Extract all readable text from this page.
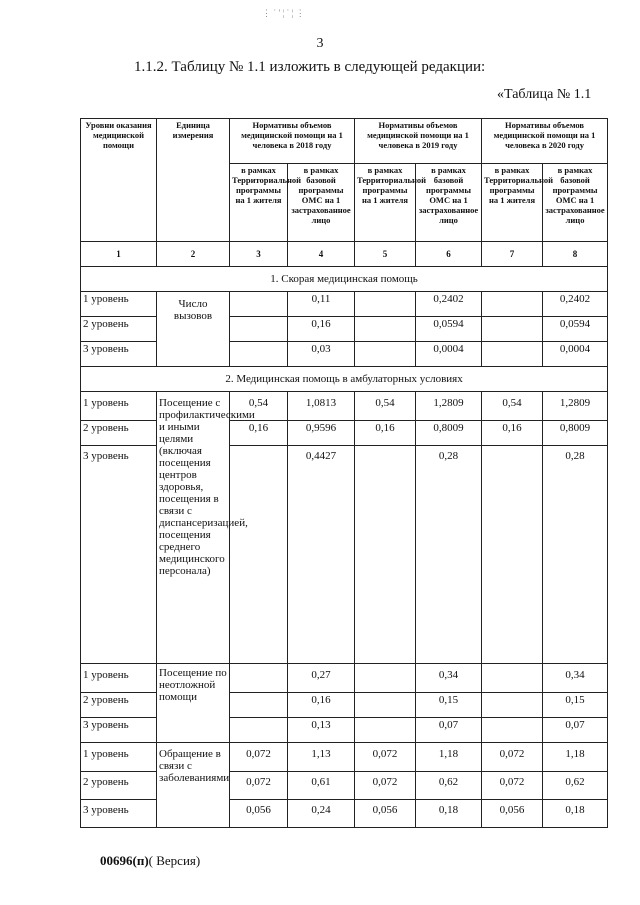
⋮ ˙ ' ¦ ˙ ¦ ⋮
3
1.1.2. Таблицу № 1.1 изложить в следующей редакции:
«Таблица № 1.1
Уровни оказания медицинской помощи	Единица измерения	Нормативы объемов медицинской помощи на 1 человека в 2018 году		Нормативы объемов медицинской помощи на 1 человека в 2019 году		Нормативы объемов медицинской помощи на 1 человека в 2020 году	
		в рамках Территориальной программы на 1 жителя	в рамках базовой программы ОМС на 1 застрахованное лицо	в рамках Территориальной программы на 1 жителя	в рамках базовой программы ОМС на 1 застрахованное лицо	в рамках Территориальной программы на 1 жителя	в рамках базовой программы ОМС на 1 застрахованное лицо
1	2	3	4	5	6	7	8
1. Скорая медицинская помощь							
1 уровень	Число вызовов		0,11		0,2402		0,2402
2 уровень			0,16		0,0594		0,0594
3 уровень			0,03		0,0004		0,0004
2. Медицинская помощь в амбулаторных условиях							
1 уровень	Посещение с профилактическими и иными целями (включая посещения центров здоровья, посещения в связи с диспансеризацией, посещения среднего медицинского персонала)	0,54	1,0813	0,54	1,2809	0,54	1,2809
2 уровень		0,16	0,9596	0,16	0,8009	0,16	0,8009
3 уровень			0,4427		0,28		0,28
1 уровень	Посещение по неотложной помощи		0,27		0,34		0,34
2 уровень			0,16		0,15		0,15
3 уровень			0,13		0,07		0,07
1 уровень	Обращение в связи с заболеваниями	0,072	1,13	0,072	1,18	0,072	1,18
2 уровень		0,072	0,61	0,072	0,62	0,072	0,62
3 уровень		0,056	0,24	0,056	0,18	0,056	0,18
00696(п)( Версия)
